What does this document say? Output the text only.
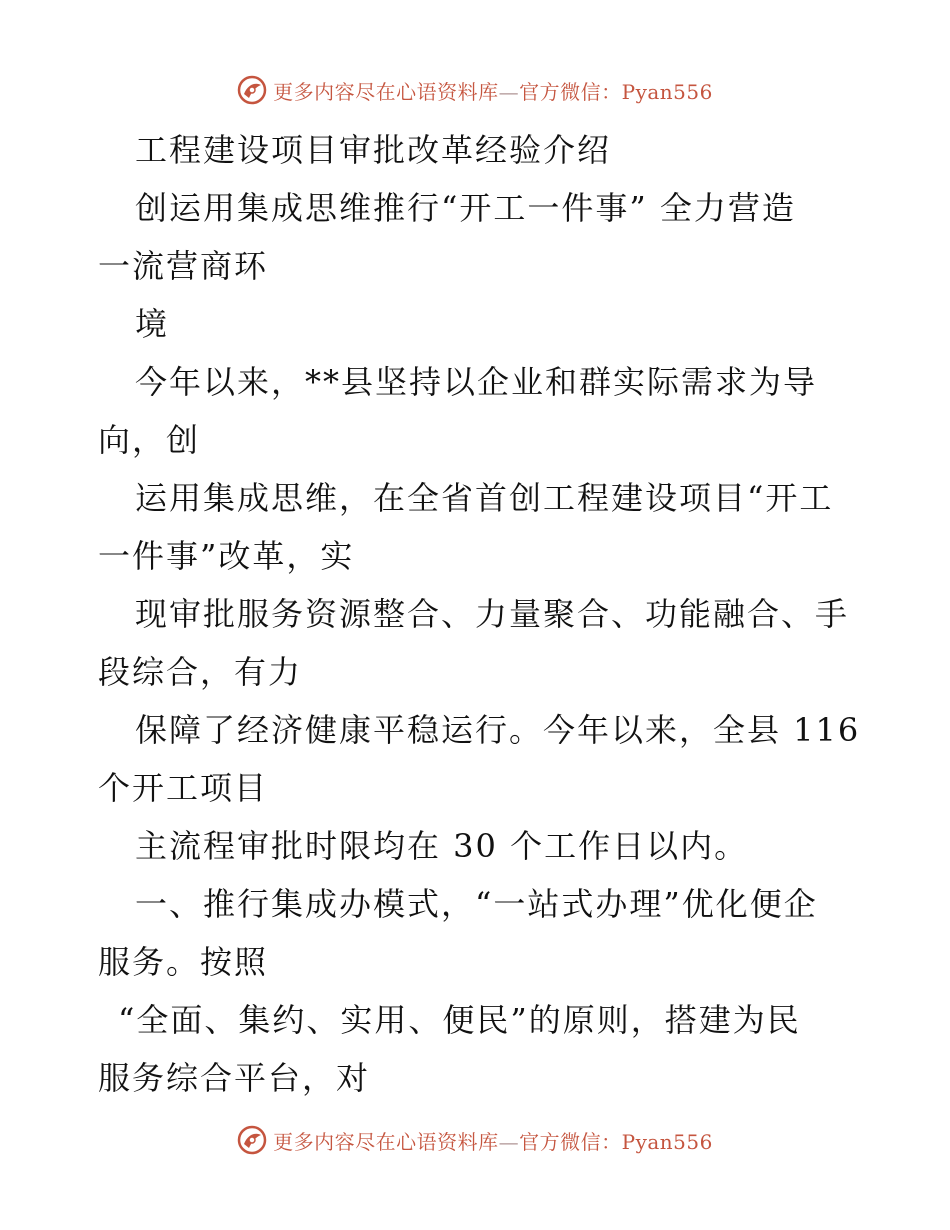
更多内容尽在心语资料库—官方微信：Pyan556
工程建设项目审批改革经验介绍
创运用集成思维推行“开工一件事” 全力营造
一流营商环
境
今年以来，**县坚持以企业和群实际需求为导
向，创
运用集成思维，在全省首创工程建设项目“开工
一件事”改革，实
现审批服务资源整合、力量聚合、功能融合、手
段综合，有力
保障了经济健康平稳运行。今年以来，全县 116
个开工项目
主流程审批时限均在 30 个工作日以内。
一、推行集成办模式，“一站式办理”优化便企
服务。按照
“全面、集约、实用、便民”的原则，搭建为民
服务综合平台，对
更多内容尽在心语资料库—官方微信：Pyan556
